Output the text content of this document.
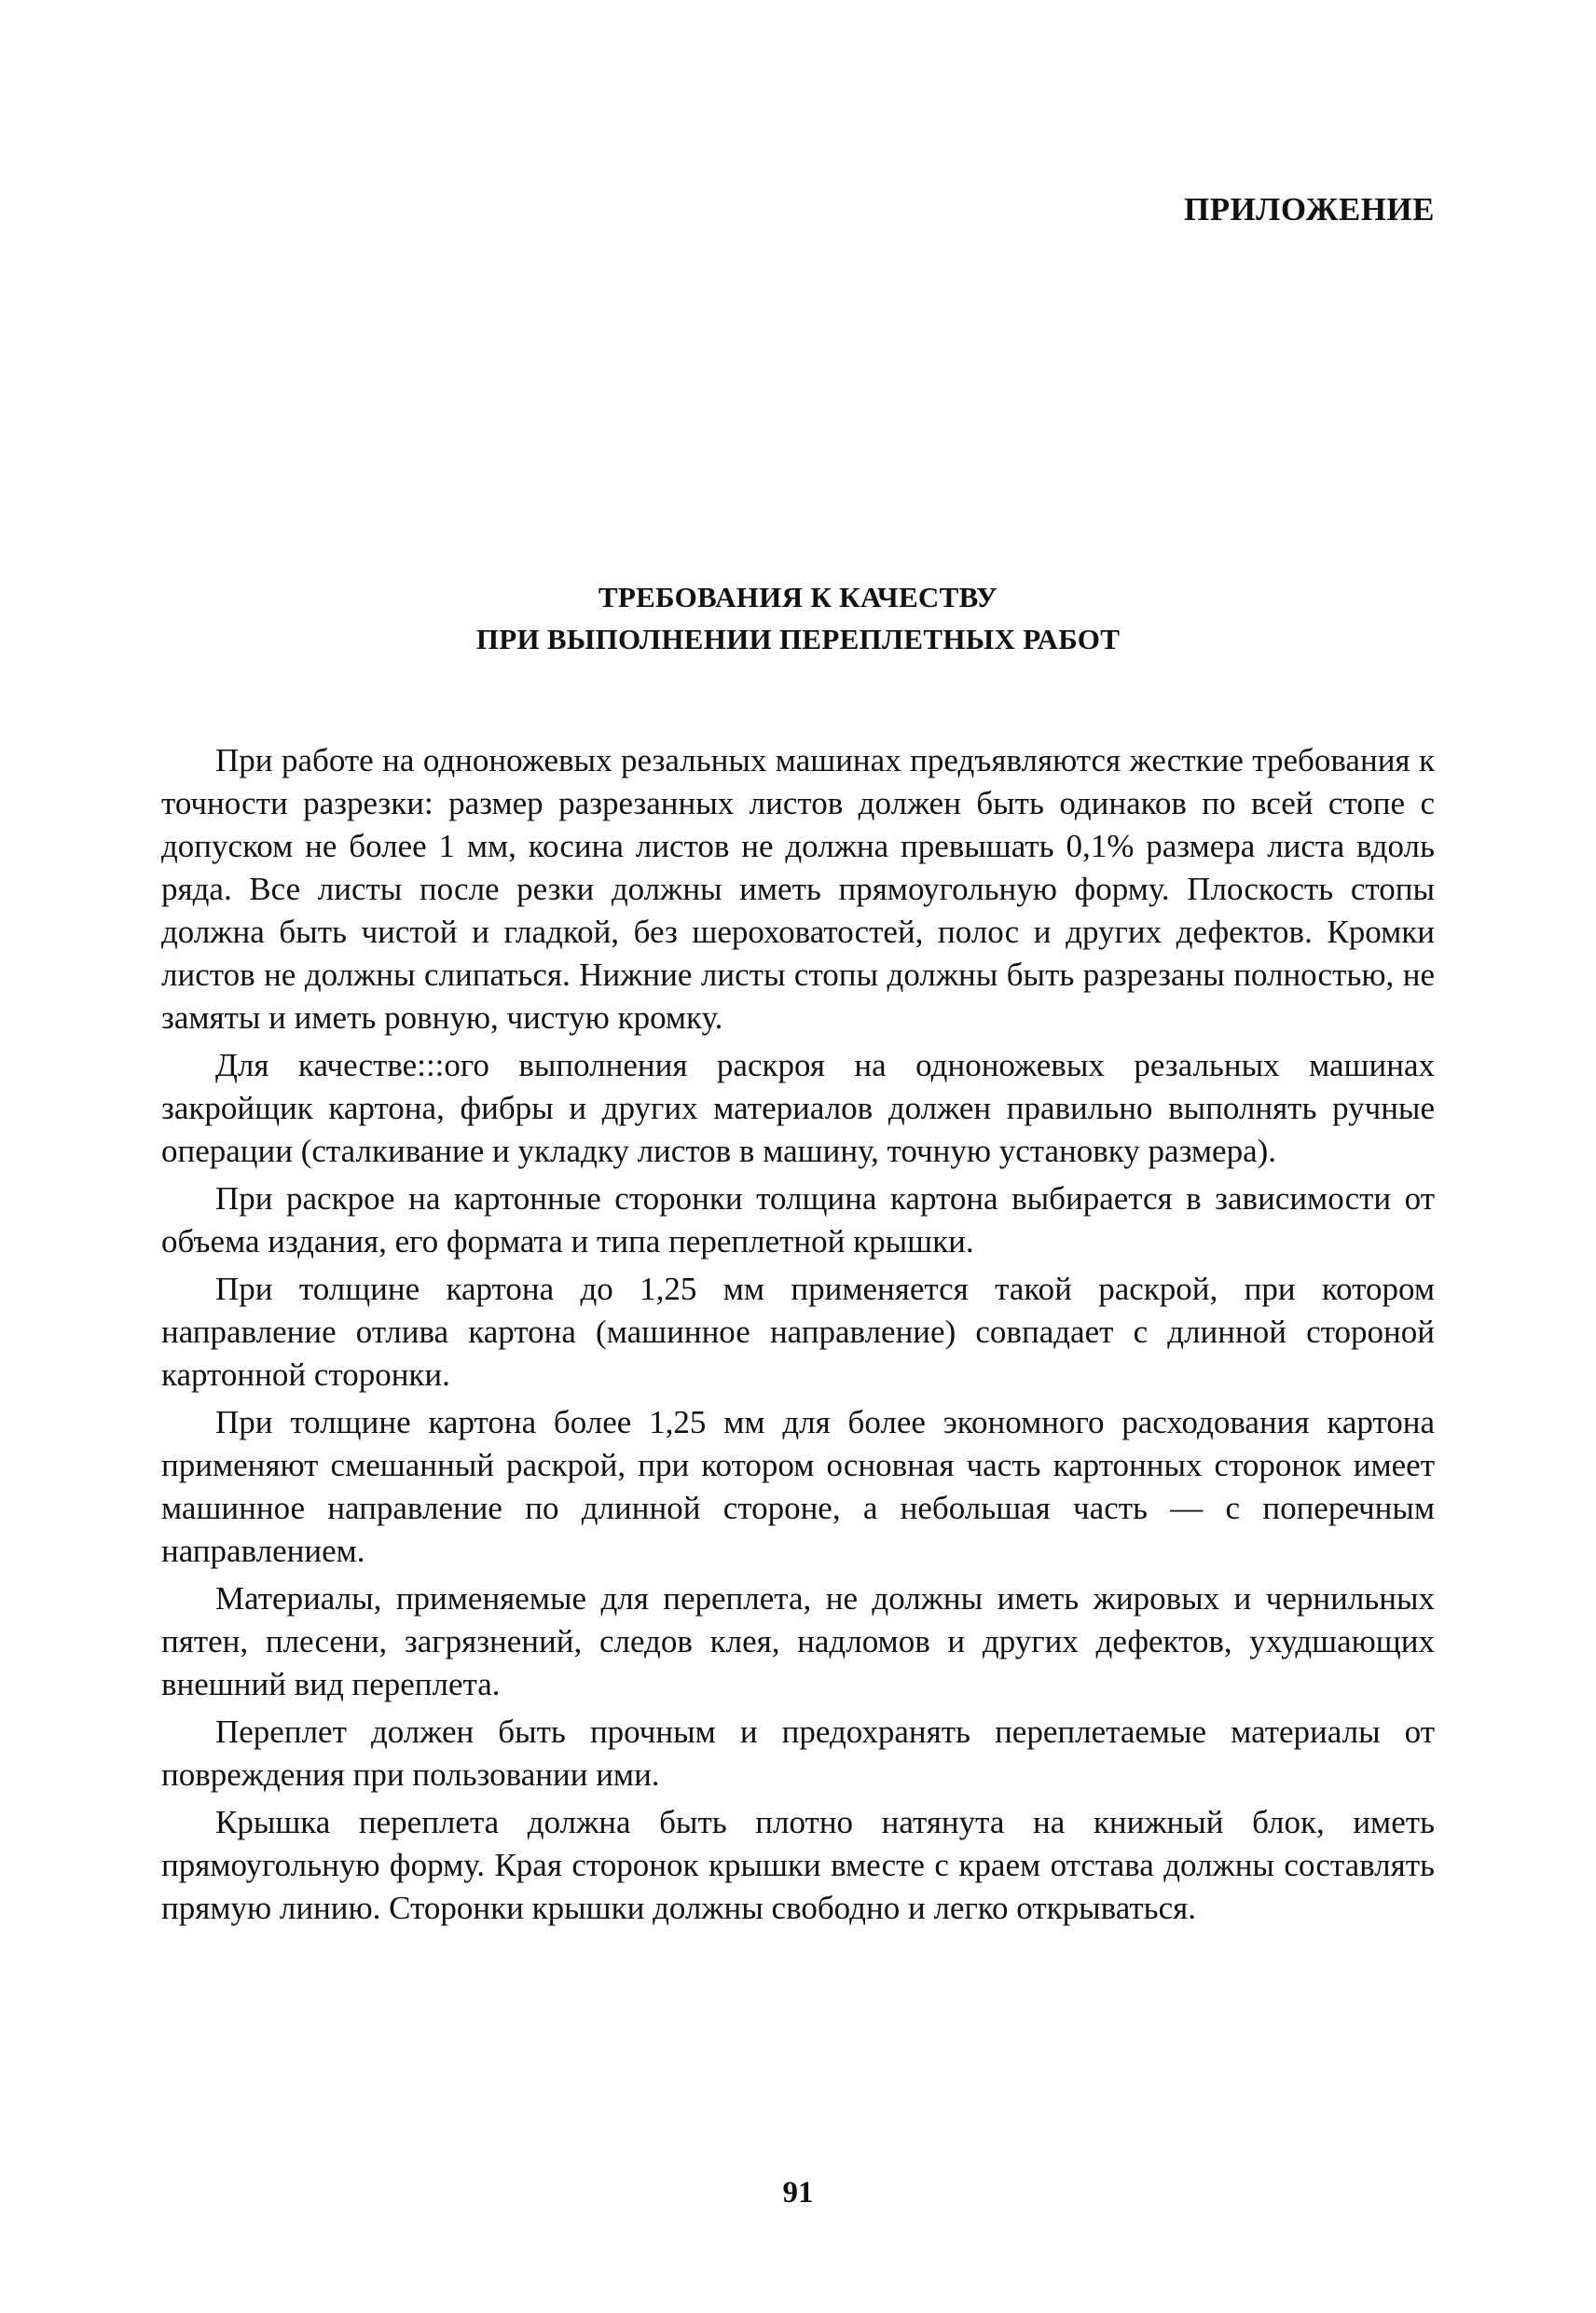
ПРИЛОЖЕНИЕ
ТРЕБОВАНИЯ К КАЧЕСТВУ
ПРИ ВЫПОЛНЕНИИ ПЕРЕПЛЕТНЫХ РАБОТ

При работе на одноножевых резальных машинах предъявляются жесткие требования к точности разрезки: размер разрезанных листов должен быть одинаков по всей стопе с допуском не более 1 мм, косина листов не должна превышать 0,1% размера листа вдоль ряда. Все листы после резки должны иметь прямоугольную форму. Плоскость стопы должна быть чистой и гладкой, без шероховатостей, полос и других дефектов. Кромки листов не должны слипаться. Нижние листы стопы должны быть разрезаны полностью, не замяты и иметь ровную, чистую кромку.

Для качестве:::ого выполнения раскроя на одноножевых резальных машинах закройщик картона, фибры и других материалов должен правильно выполнять ручные операции (сталкивание и укладку листов в машину, точную установку размера).

При раскрое на картонные сторонки толщина картона выбирается в зависимости от объема издания, его формата и типа переплетной крышки.

При толщине картона до 1,25 мм применяется такой раскрой, при котором направление отлива картона (машинное направление) совпадает с длинной стороной картонной сторонки.

При толщине картона более 1,25 мм для более экономного расходования картона применяют смешанный раскрой, при котором основная часть картонных сторонок имеет машинное направление по длинной стороне, а небольшая часть — с поперечным направлением.

Материалы, применяемые для переплета, не должны иметь жировых и чернильных пятен, плесени, загрязнений, следов клея, надломов и других дефектов, ухудшающих внешний вид переплета.

Переплет должен быть прочным и предохранять переплетаемые материалы от повреждения при пользовании ими.

Крышка переплета должна быть плотно натянута на книжный блок, иметь прямоугольную форму. Края сторонок крышки вместе с краем отстава должны составлять прямую линию. Сторонки крышки должны свободно и легко открываться.

91
